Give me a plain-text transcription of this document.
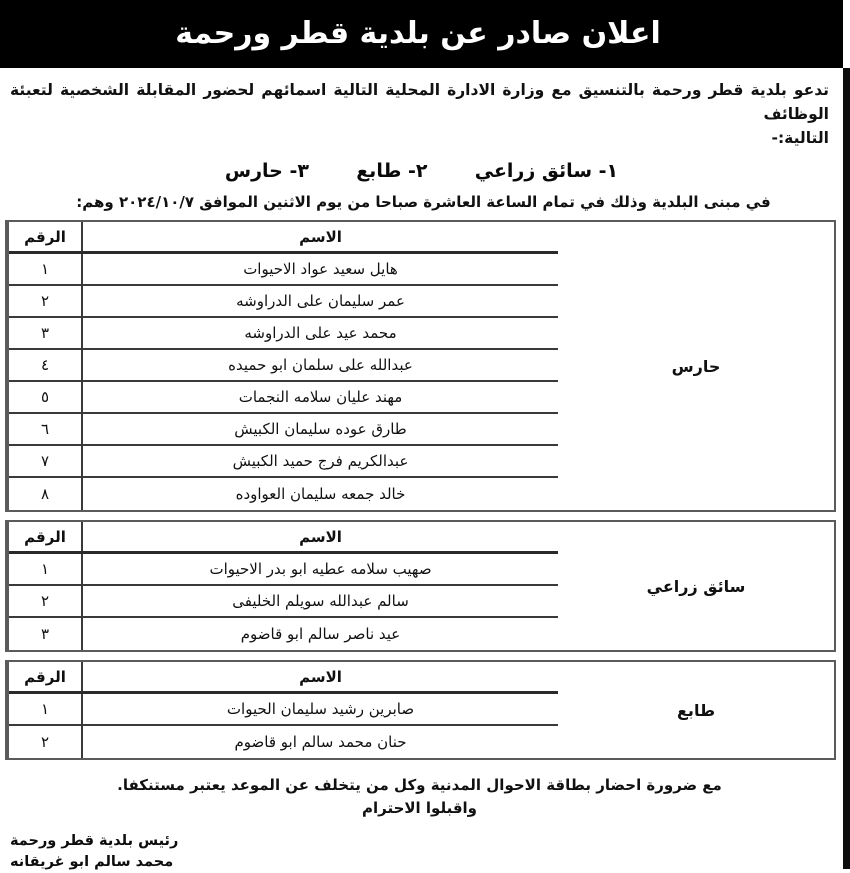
اعلان صادر عن بلدية قطر ورحمة
تدعو بلدية قطر ورحمة بالتنسيق مع وزارة الادارة المحلية التالية اسمائهم لحضور المقابلة الشخصية لتعبئة الوظائف
التالية:-
١- سائق زراعي  ٢- طابع  ٣- حارس
في مبنى البلدية وذلك في تمام الساعة العاشرة صباحا من يوم الاثنين الموافق ٢٠٢٤/١٠/٧ وهم:
حارس
الاسم
الرقم
هايل سعيد عواد الاحيوات
١
عمر سليمان على الدراوشه
٢
محمد عيد على الدراوشه
٣
عبدالله على سلمان ابو حميده
٤
مهند عليان سلامه النجمات
٥
طارق عوده سليمان الكبيش
٦
عبدالكريم فرج حميد الكبيش
٧
خالد جمعه سليمان العواوده
٨
سائق زراعي
الاسم
الرقم
صهيب سلامه عطيه ابو بدر الاحيوات
١
سالم عبدالله سويلم الخليفى
٢
عيد ناصر سالم ابو قاضوم
٣
طابع
الاسم
الرقم
صابرين رشيد سليمان الحيوات
١
حنان محمد سالم ابو قاضوم
٢
مع ضرورة احضار بطاقة الاحوال المدنية وكل من يتخلف عن الموعد يعتبر مستنكفا.
واقبلوا الاحترام
رئيس بلدية قطر ورحمة
محمد سالم ابو غريقانه
